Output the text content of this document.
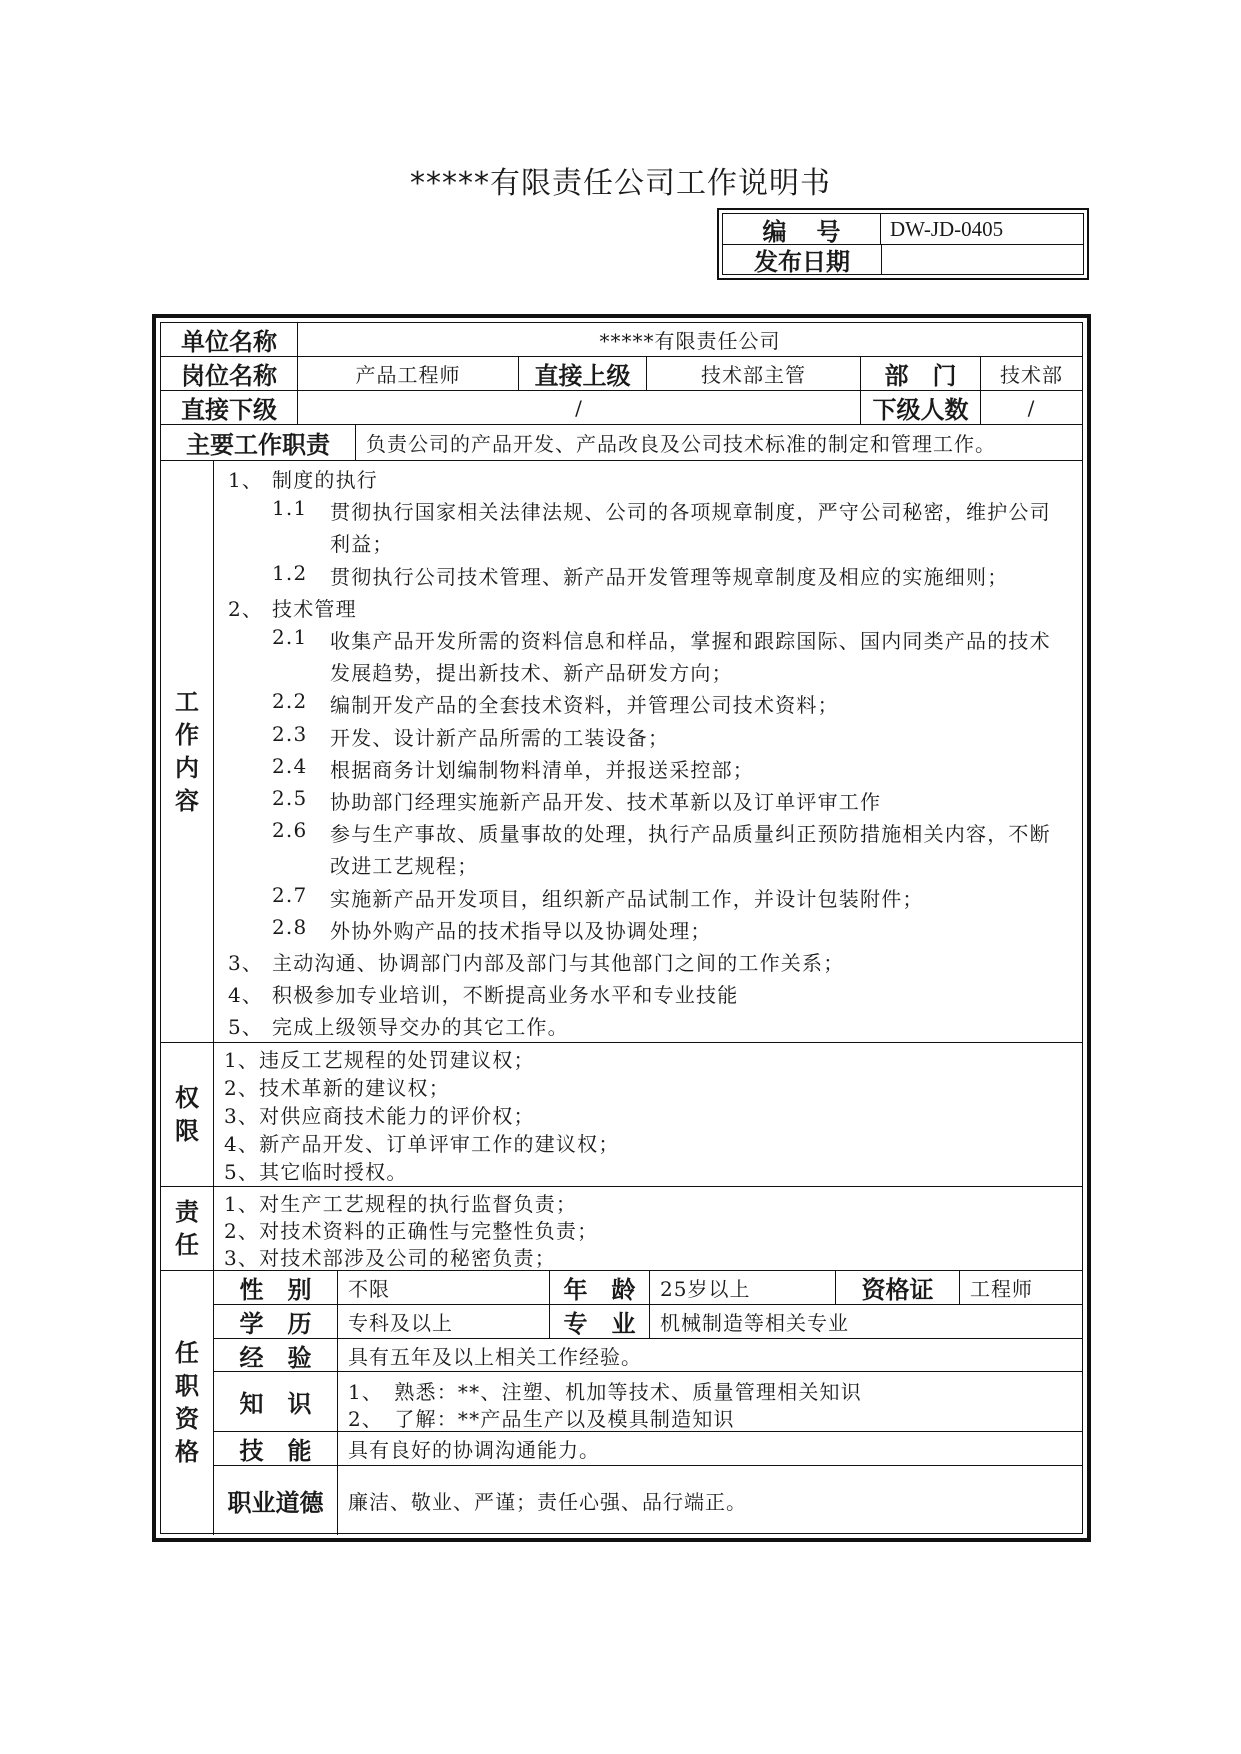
*****有限责任公司工作说明书
编号 DW-JD-0405
发布日期
单位名称	*****有限责任公司
岗位名称	产品工程师	直接上级	技术部主管	部　门	技术部
直接下级	/	下级人数	/
主要工作职责	负责公司的产品开发、产品改良及公司技术标准的制定和管理工作。
工
作
内
容
1、 制度的执行
1.1 贯彻执行国家相关法律法规、公司的各项规章制度，严守公司秘密，维护公司
利益；
1.2 贯彻执行公司技术管理、新产品开发管理等规章制度及相应的实施细则；
2、 技术管理
2.1 收集产品开发所需的资料信息和样品，掌握和跟踪国际、国内同类产品的技术
发展趋势，提出新技术、新产品研发方向；
2.2 编制开发产品的全套技术资料，并管理公司技术资料；
2.3 开发、设计新产品所需的工装设备；
2.4 根据商务计划编制物料清单，并报送采控部；
2.5 协助部门经理实施新产品开发、技术革新以及订单评审工作
2.6 参与生产事故、质量事故的处理，执行产品质量纠正预防措施相关内容，不断
改进工艺规程；
2.7 实施新产品开发项目，组织新产品试制工作，并设计包装附件；
2.8 外协外购产品的技术指导以及协调处理；
3、 主动沟通、协调部门内部及部门与其他部门之间的工作关系；
4、 积极参加专业培训，不断提高业务水平和专业技能
5、 完成上级领导交办的其它工作。
权
限
1、违反工艺规程的处罚建议权；
2、技术革新的建议权；
3、对供应商技术能力的评价权；
4、新产品开发、订单评审工作的建议权；
5、其它临时授权。
责
任
1、对生产工艺规程的执行监督负责；
2、对技术资料的正确性与完整性负责；
3、对技术部涉及公司的秘密负责；
任
职
资
格
性　别	不限	年　龄	25岁以上	资格证	工程师
学　历	专科及以上	专　业	机械制造等相关专业
经　验	具有五年及以上相关工作经验。
知　识	1、　熟悉：**、注塑、机加等技术、质量管理相关知识
2、　了解：**产品生产以及模具制造知识
技　能	具有良好的协调沟通能力。
职业道德	廉洁、敬业、严谨；责任心强、品行端正。
